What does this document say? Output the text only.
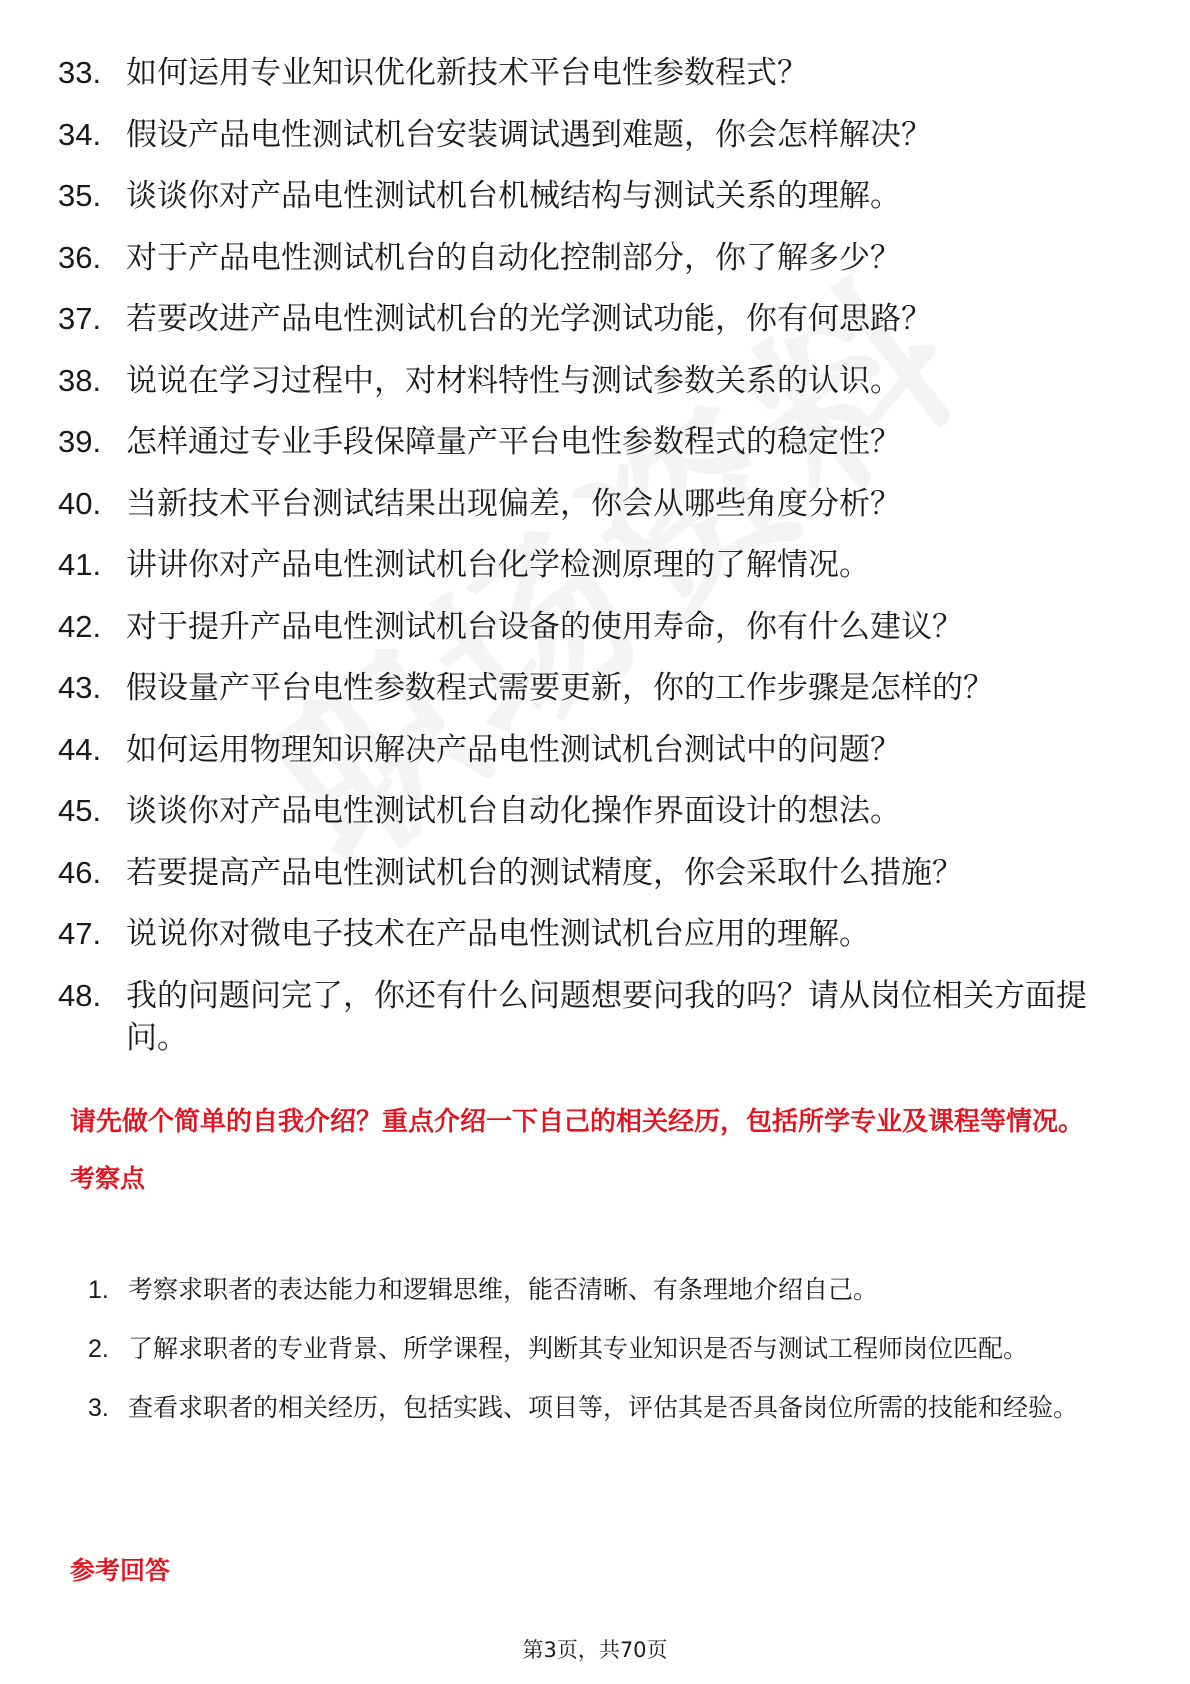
33. 如何运用专业知识优化新技术平台电性参数程式？
34. 假设产品电性测试机台安装调试遇到难题，你会怎样解决？
35. 谈谈你对产品电性测试机台机械结构与测试关系的理解。
36. 对于产品电性测试机台的自动化控制部分，你了解多少？
37. 若要改进产品电性测试机台的光学测试功能，你有何思路？
38. 说说在学习过程中，对材料特性与测试参数关系的认识。
39. 怎样通过专业手段保障量产平台电性参数程式的稳定性？
40. 当新技术平台测试结果出现偏差，你会从哪些角度分析？
41. 讲讲你对产品电性测试机台化学检测原理的了解情况。
42. 对于提升产品电性测试机台设备的使用寿命，你有什么建议？
43. 假设量产平台电性参数程式需要更新，你的工作步骤是怎样的？
44. 如何运用物理知识解决产品电性测试机台测试中的问题？
45. 谈谈你对产品电性测试机台自动化操作界面设计的想法。
46. 若要提高产品电性测试机台的测试精度，你会采取什么措施？
47. 说说你对微电子技术在产品电性测试机台应用的理解。
48. 我的问题问完了，你还有什么问题想要问我的吗？请从岗位相关方面提问。
请先做个简单的自我介绍？重点介绍一下自己的相关经历，包括所学专业及课程等情况。
考察点
1. 考察求职者的表达能力和逻辑思维，能否清晰、有条理地介绍自己。
2. 了解求职者的专业背景、所学课程，判断其专业知识是否与测试工程师岗位匹配。
3. 查看求职者的相关经历，包括实践、项目等，评估其是否具备岗位所需的技能和经验。
参考回答
第3页，共70页
